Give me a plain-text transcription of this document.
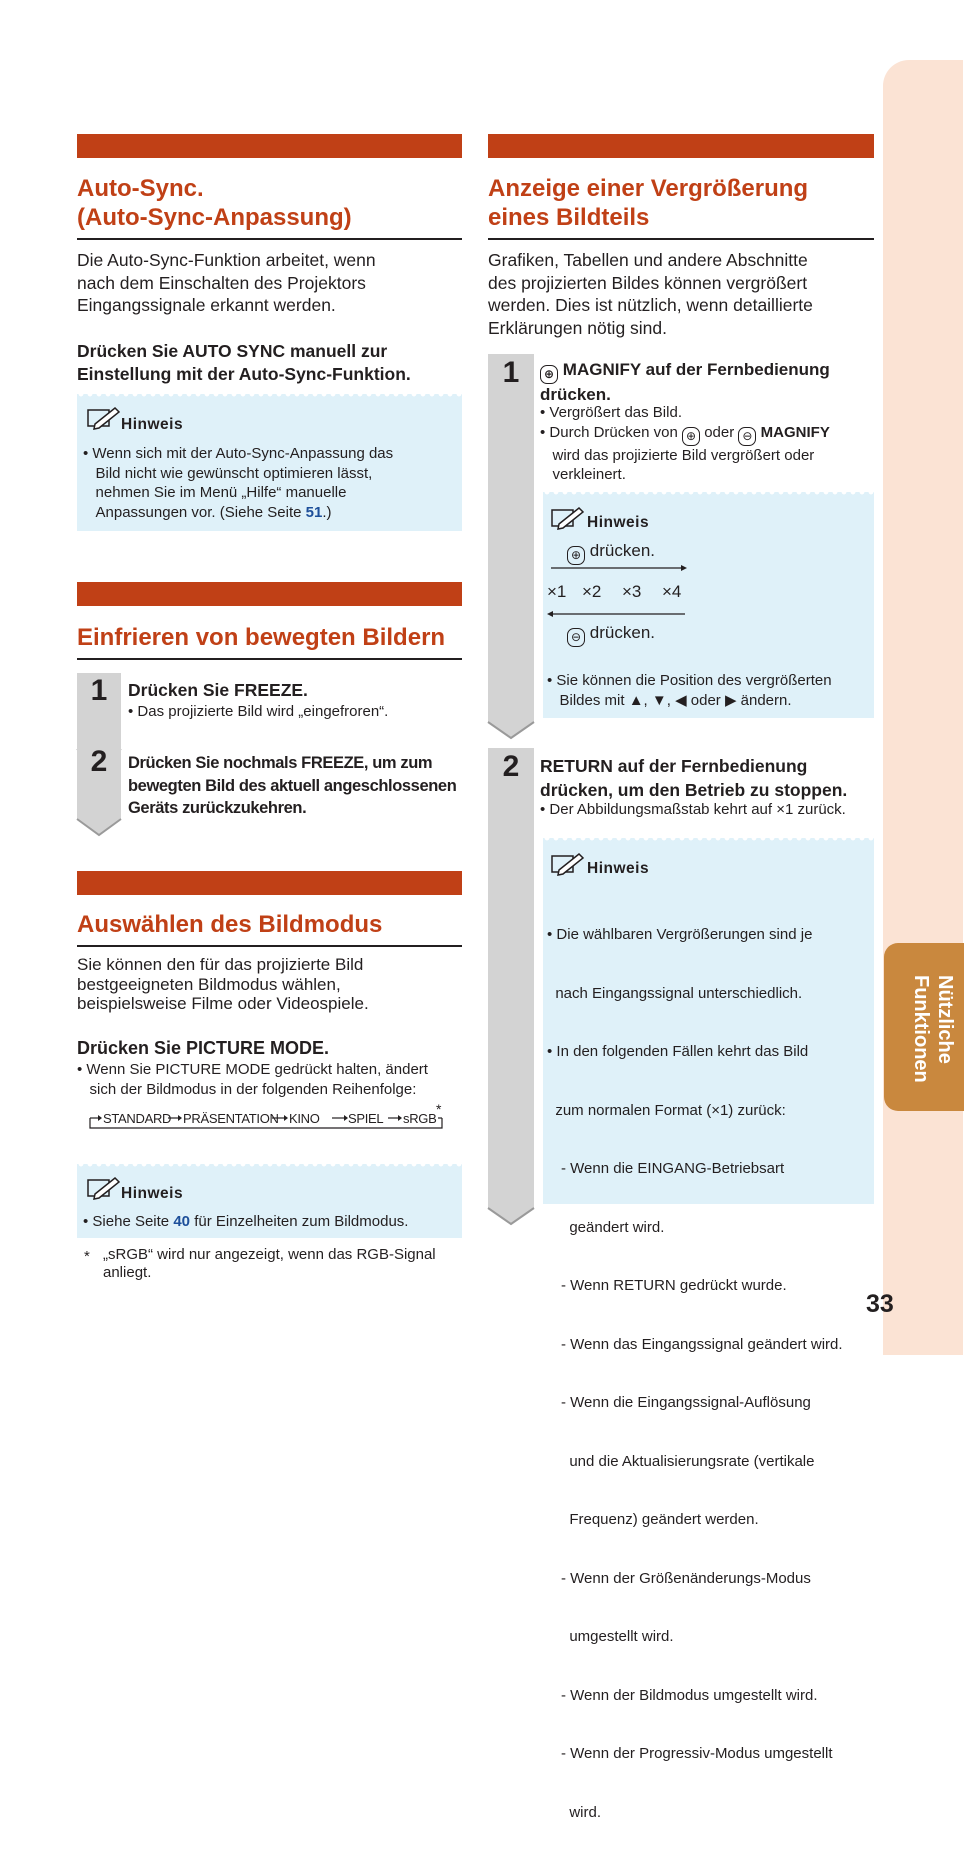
Nützliche
Funktionen
Auto-Sync.
(Auto-Sync-Anpassung)
Die Auto-Sync-Funktion arbeitet, wenn
nach dem Einschalten des Projektors
Eingangssignale erkannt werden.
Drücken Sie AUTO SYNC manuell zur
Einstellung mit der Auto-Sync-Funktion.
Hinweis
• Wenn sich mit der Auto-Sync-Anpassung das
Bild nicht wie gewünscht optimieren lässt,
nehmen Sie im Menü „Hilfe“ manuelle
Anpassungen vor. (Siehe Seite 51.)
Einfrieren von bewegten Bildern
1	Drücken Sie FREEZE.
• Das projizierte Bild wird „eingefroren“.
2	Drücken Sie nochmals FREEZE, um zum
bewegten Bild des aktuell angeschlossenen
Geräts zurückzukehren.
Auswählen des Bildmodus
Sie können den für das projizierte Bild
bestgeeigneten Bildmodus wählen,
beispielsweise Filme oder Videospiele.
Drücken Sie PICTURE MODE.
• Wenn Sie PICTURE MODE gedrückt halten, ändert
sich der Bildmodus in der folgenden Reihenfolge:
STANDARD PRÄSENTATION KINO SPIEL sRGB
*
Hinweis
• Siehe Seite 40 für Einzelheiten zum Bildmodus.
* „sRGB“ wird nur angezeigt, wenn das RGB-Signal
anliegt.
Anzeige einer Vergrößerung
eines Bildteils
Grafiken, Tabellen und andere Abschnitte
des projizierten Bildes können vergrößert
werden. Dies ist nützlich, wenn detaillierte
Erklärungen nötig sind.
1	⊕ MAGNIFY auf der Fernbedienung
drücken.
• Vergrößert das Bild.
• Durch Drücken von ⊕ oder ⊖ MAGNIFY
wird das projizierte Bild vergrößert oder
verkleinert.
Hinweis
⊕ drücken.
×1 ×2 ×3 ×4
⊖ drücken.
• Sie können die Position des vergrößerten
Bildes mit ▲, ▼, ◀ oder ▶ ändern.
2	RETURN auf der Fernbedienung
drücken, um den Betrieb zu stoppen.
• Der Abbildungsmaßstab kehrt auf ×1 zurück.
Hinweis

• Die wählbaren Vergrößerungen sind je

nach Eingangssignal unterschiedlich.

• In den folgenden Fällen kehrt das Bild

zum normalen Format (×1) zurück:

- Wenn die EINGANG-Betriebsart

geändert wird.

- Wenn RETURN gedrückt wurde.

- Wenn das Eingangssignal geändert wird.

- Wenn die Eingangssignal-Auflösung

und die Aktualisierungsrate (vertikale

Frequenz) geändert werden.

- Wenn der Größenänderungs-Modus

umgestellt wird.

- Wenn der Bildmodus umgestellt wird.

- Wenn der Progressiv-Modus umgestellt

wird.

33
